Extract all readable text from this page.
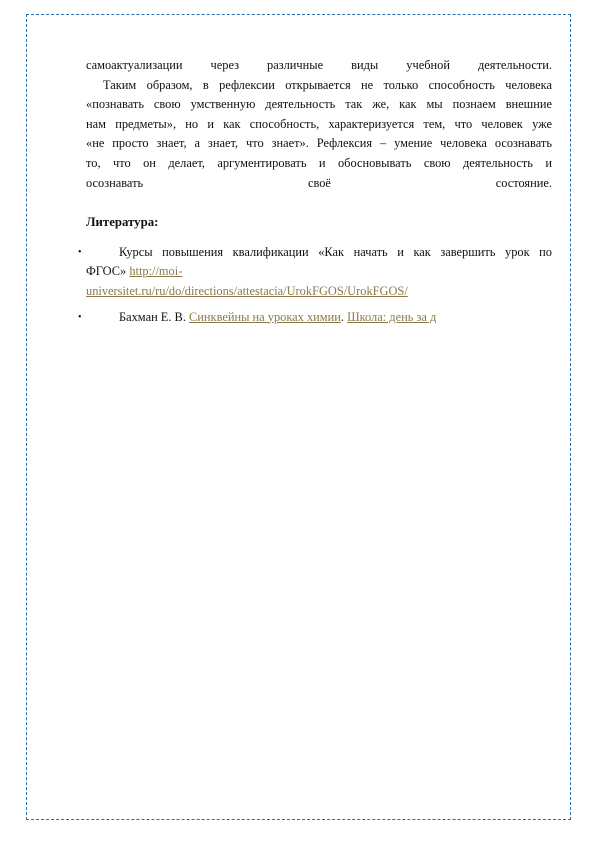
самоактуализации через различные виды учебной деятельности.
Таким образом, в рефлексии открывается не только способность человека
«познавать свою умственную деятельность так же, как мы познаем внешние
нам предметы», но и как способность, характеризуется тем, что человек уже
«не просто знает, а знает, что знает». Рефлексия – умение человека осознавать
то, что он делает, аргументировать и обосновывать свою деятельность и
осознавать своё состояние.
Литература:
•	Курсы повышения квалификации «Как начать и как завершить урок по
ФГОС» http://moi-
universitet.ru/ru/do/directions/attestacia/UrokFGOS/UrokFGOS/
•	Бахман Е. В. Синквейны на уроках химии. Школа: день за д
